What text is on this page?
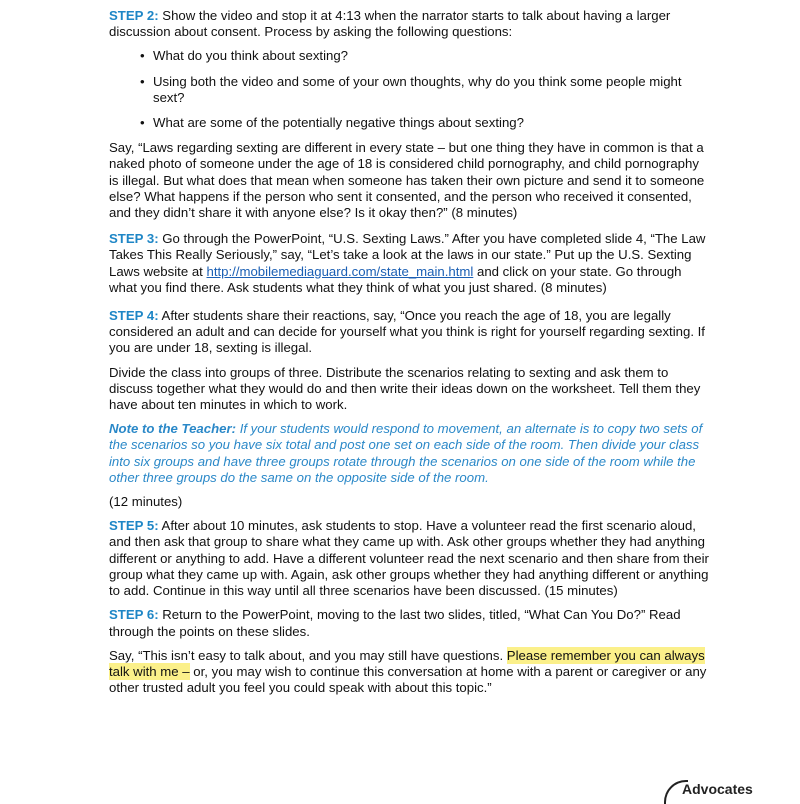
STEP 2: Show the video and stop it at 4:13 when the narrator starts to talk about having a larger discussion about consent. Process by asking the following questions:

• What do you think about sexting?
• Using both the video and some of your own thoughts, why do you think some people might sext?
• What are some of the potentially negative things about sexting?

Say, “Laws regarding sexting are different in every state – but one thing they have in common is that a naked photo of someone under the age of 18 is considered child pornography, and child pornography is illegal. But what does that mean when someone has taken their own picture and send it to someone else? What happens if the person who sent it consented, and the person who received it consented, and they didn’t share it with anyone else? Is it okay then?” (8 minutes)

STEP 3: Go through the PowerPoint, “U.S. Sexting Laws.” After you have completed slide 4, “The Law Takes This Really Seriously,” say, “Let’s take a look at the laws in our state.” Put up the U.S. Sexting Laws website at http://mobilemediaguard.com/state_main.html and click on your state. Go through what you find there. Ask students what they think of what you just shared. (8 minutes)

STEP 4: After students share their reactions, say, “Once you reach the age of 18, you are legally considered an adult and can decide for yourself what you think is right for yourself regarding sexting. If you are under 18, sexting is illegal.

Divide the class into groups of three. Distribute the scenarios relating to sexting and ask them to discuss together what they would do and then write their ideas down on the worksheet. Tell them they have about ten minutes in which to work.

Note to the Teacher: If your students would respond to movement, an alternate is to copy two sets of the scenarios so you have six total and post one set on each side of the room. Then divide your class into six groups and have three groups rotate through the scenarios on one side of the room while the other three groups do the same on the opposite side of the room.

(12 minutes)

STEP 5: After about 10 minutes, ask students to stop. Have a volunteer read the first scenario aloud, and then ask that group to share what they came up with. Ask other groups whether they had anything different or anything to add. Have a different volunteer read the next scenario and then share from their group what they came up with. Again, ask other groups whether they had anything different or anything to add. Continue in this way until all three scenarios have been discussed. (15 minutes)

STEP 6: Return to the PowerPoint, moving to the last two slides, titled, “What Can You Do?” Read through the points on these slides.

Say, “This isn’t easy to talk about, and you may still have questions. Please remember you can always talk with me – or, you may wish to continue this conversation at home with a parent or caregiver or any other trusted adult you feel you could speak with about this topic.”

Advocates
